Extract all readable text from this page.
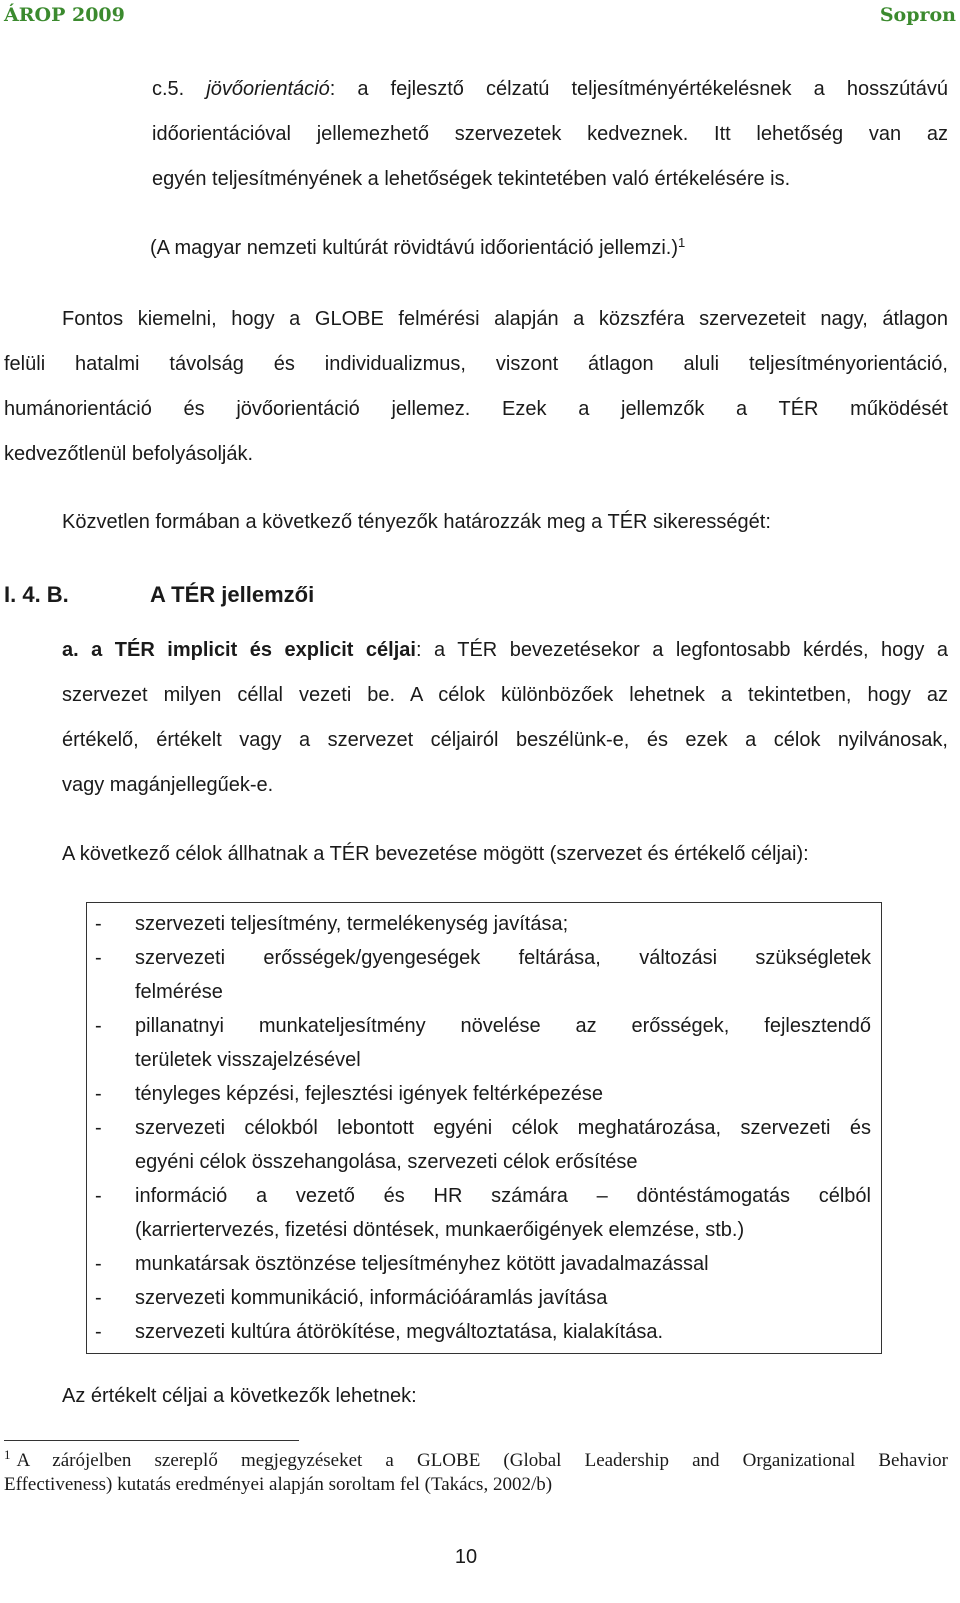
ÁROP 2009	Sopron
c.5. jövőorientáció: a fejlesztő célzatú teljesítményértékelésnek a hosszútávú
időorientációval jellemezhető szervezetek kedveznek. Itt lehetőség van az
egyén teljesítményének a lehetőségek tekintetében való értékelésére is.
(A magyar nemzeti kultúrát rövidtávú időorientáció jellemzi.)$^1$
Fontos kiemelni, hogy a GLOBE felmérési alapján a közszféra szervezeteit nagy, átlagon
felüli hatalmi távolság és individualizmus, viszont átlagon aluli teljesítményorientáció,
humánorientáció és jövőorientáció jellemez. Ezek a jellemzők a TÉR működését
kedvezőtlenül befolyásolják.
Közvetlen formában a következő tényezők határozzák meg a TÉR sikerességét:
I. 4. B.	A TÉR jellemzői
a. a TÉR implicit és explicit céljai: a TÉR bevezetésekor a legfontosabb kérdés, hogy a
szervezet milyen céllal vezeti be. A célok különbözőek lehetnek a tekintetben, hogy az
értékelő, értékelt vagy a szervezet céljairól beszélünk-e, és ezek a célok nyilvánosak,
vagy magánjellegűek-e.
A következő célok állhatnak a TÉR bevezetése mögött (szervezet és értékelő céljai):
- szervezeti teljesítmény, termelékenység javítása;
- szervezeti erősségek/gyengeségek feltárása, változási szükségletek
felmérése
- pillanatnyi munkateljesítmény növelése az erősségek, fejlesztendő
területek visszajelzésével
- tényleges képzési, fejlesztési igények feltérképezése
- szervezeti célokból lebontott egyéni célok meghatározása, szervezeti és
egyéni célok összehangolása, szervezeti célok erősítése
- információ a vezető és HR számára – döntéstámogatás célból
(karriertervezés, fizetési döntések, munkaerőigények elemzése, stb.)
- munkatársak ösztönzése teljesítményhez kötött javadalmazással
- szervezeti kommunikáció, információáramlás javítása
- szervezeti kultúra átörökítése, megváltoztatása, kialakítása.
Az értékelt céljai a következők lehetnek:
$^1$ A zárójelben szereplő megjegyzéseket a GLOBE (Global Leadership and Organizational Behavior
Effectiveness) kutatás eredményei alapján soroltam fel (Takács, 2002/b)
10
